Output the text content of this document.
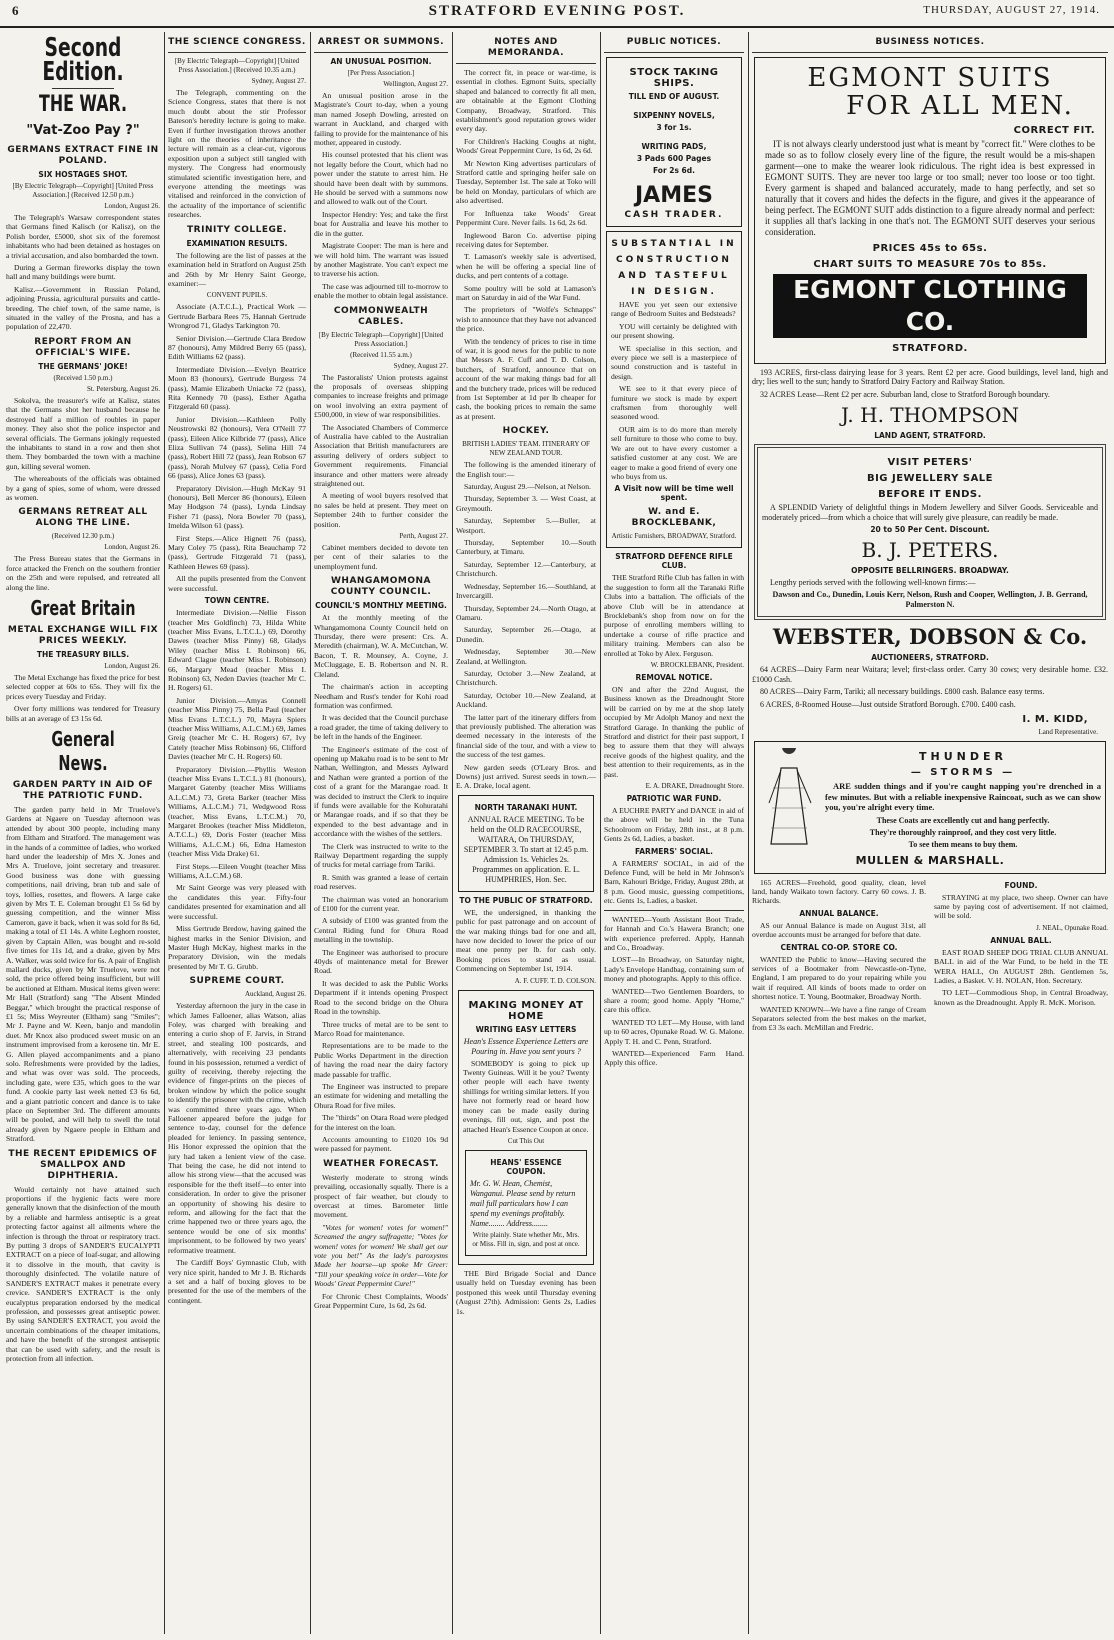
6	STRATFORD EVENING POST.	THURSDAY, AUGUST 27, 1914.
Second Edition.
THE WAR.
"Vat-Zoo Pay ?"
GERMANS EXTRACT FINE IN POLAND.
SIX HOSTAGES SHOT.
[By Electric Telegraph—Copyright] [United Press Association.] (Received 12.50 p.m.)
London, August 26.

The Telegraph's Warsaw correspondent states that Germans fined Kalisch (or Kalisz), on the Polish border, £5000, shot six of the foremost inhabitants who had been detained as hostages on a trivial accusation, and also bombarded the town.

During a German fireworks display the town hall and many buildings were burnt.

Kalisz.—Government in Russian Poland, adjoining Prussia, agricultural pursuits and cattle-breeding. The chief town, of the same name, is situated in the valley of the Prosna, and has a population of 22,470.

REPORT FROM AN OFFICIAL'S WIFE.
THE GERMANS' JOKE!
(Received 1.50 p.m.)
St. Petersburg, August 26.

Sokolva, the treasurer's wife at Kalisz, states that the Germans shot her husband because he destroyed half a million of roubles in paper money. They also shot the police inspector and several officials. The Germans jokingly requested the inhabitants to stand in a row and then shot them. They bombarded the town with a machine gun, killing several women.

The whereabouts of the officials was obtained by a gang of spies, some of whom, were dressed as women.

GERMANS RETREAT ALL ALONG THE LINE.
(Received 12.30 p.m.)
London, August 26.

The Press Bureau states that the Germans in force attacked the French on the southern frontier on the 25th and were repulsed, and retreated all along the line.

Great Britain
METAL EXCHANGE WILL FIX PRICES WEEKLY.
THE TREASURY BILLS.
London, August 26.

The Metal Exchange has fixed the price for best selected copper at 60s to 65s. They will fix the prices every Tuesday and Friday.

Over forty millions was tendered for Treasury bills at an average of £3 15s 6d.

General News.
GARDEN PARTY IN AID OF THE PATRIOTIC FUND.

The garden party held in Mr Truelove's Gardens at Ngaere on Tuesday afternoon was attended by about 300 people, including many from Eltham and Stratford. The management was in the hands of a committee of ladies, who worked hard under the leadership of Mrs X. Jones and Mrs A. Truelove, joint secretary and treasurer. Good business was done with guessing competitions, nail driving, bran tub and sale of toys, lollies, rosettes, and flowers. A large cake given by Mrs T. E. Coleman brought £1 5s 6d by guessing competition, and the winner Miss Cameron, gave it back, when it was sold for 8s 6d, making a total of £1 14s. A white Leghorn rooster, given by Captain Allen, was bought and re-sold five times for 11s 1d, and a drake, given by Mrs A. Walker, was sold twice for 6s. A pair of English mallard ducks, given by Mr Truelove, were not sold, the price offered being insufficient, but will be auctioned at Eltham. Musical items given were: Mr Hall (Stratford) sang "The Absent Minded Beggar," which brought the practical response of £1 5s; Miss Weyreuter (Eltham) sang "Smiles"; Mr J. Payne and W. Keen, banjo and mandolin duet. Mr Knox also produced sweet music on an instrument improvised from a kerosene tin. Mr E. G. Allen played accompaniments and a piano solo. Refreshments were provided by the ladies, and what was over was sold. The proceeds, including gate, were £35, which goes to the war fund. A cookie party last week netted £3 6s 6d, and a giant patriotic concert and dance is to take place on September 3rd. The different amounts will be pooled, and will help to swell the total already given by Ngaere people in Eltham and Stratford.

THE RECENT EPIDEMICS OF SMALLPOX AND DIPHTHERIA.

Would certainly not have attained such proportions if the hygienic facts were more generally known that the disinfection of the mouth by a reliable and harmless antiseptic is a great protecting factor against all ailments where the infection is through the throat or respiratory tract. By putting 3 drops of SANDER'S EUCALYPTI EXTRACT on a piece of loaf-sugar, and allowing it to dissolve in the mouth, that cavity is thoroughly disinfected. The volatile nature of SANDER'S EXTRACT makes it penetrate every crevice. SANDER'S EXTRACT is the only eucalyptus preparation endorsed by the medical profession, and possesses great antiseptic power. By using SANDER'S EXTRACT, you avoid the uncertain combinations of the cheaper imitations, and have the benefit of the strongest antiseptic that can be used with safety, and the result is protection from all infection.

THE SCIENCE CONGRESS.
[By Electric Telegraph—Copyright] [United Press Association.] (Received 10.35 a.m.)
Sydney, August 27.

The Telegraph, commenting on the Science Congress, states that there is not much doubt about the stir Professor Bateson's heredity lecture is going to make. Even if further investigation throws another light on the theories of inheritance the lecture will remain as a clear-cut, vigorous exposition upon a subject still tangled with mystery. The Congress had enormously stimulated scientific investigation here, and everyone attending the meetings was vitalised and reinforced in the conviction of the actuality of the importance of scientific researches.

TRINITY COLLEGE.
EXAMINATION RESULTS.

The following are the list of passes at the examination held in Stratford on August 25th and 26th by Mr Henry Saint George, examiner:—

CONVENT PUPILS.

Associate (A.T.C.L.), Practical Work —Gertrude Barbara Rees 75, Hannah Gertrude Wrongrod 71, Gladys Tarkington 70.

Senior Division.—Gertrude Clara Bredow 87 (honours), Amy Mildred Berry 65 (pass), Edith Williams 62 (pass).

Intermediate Division.—Evelyn Beatrice Moon 83 (honours), Gertrude Burgess 74 (pass), Mamie Elizabeth Uniacke 72 (pass), Rita Kennedy 70 (pass), Esther Agatha Fitzgerald 60 (pass).

Junior Division.—Kathleen Polly Neustrowski 82 (honours), Vera O'Neill 77 (pass), Eileen Alice Kilbride 77 (pass), Alice Eliza Sullivan 74 (pass), Selina Hill 74 (pass), Robert Hill 72 (pass), Jean Robson 67 (pass), Norah Mulvey 67 (pass), Celia Ford 66 (pass), Alice Jones 63 (pass).

Preparatory Division.—Hugh McKay 91 (honours), Bell Mercer 86 (honours), Eileen May Hodgson 74 (pass), Lynda Lindsay Fisher 71 (pass), Nora Bowler 70 (pass), Imelda Wilson 61 (pass).

First Steps.—Alice Hignett 76 (pass), Mary Coley 75 (pass), Rita Beauchamp 72 (pass), Gertrude Fitzgerald 71 (pass), Kathleen Hewes 69 (pass).

All the pupils presented from the Convent were successful.

TOWN CENTRE.

Intermediate Division.—Nellie Fisson (teacher Mrs Goldfinch) 73, Hilda White (teacher Miss Evans, L.T.C.L.) 69, Dorothy Dawes (teacher Miss Pinny) 68, Gladys Wiley (teacher Miss I. Robinson) 66, Edward Clague (teacher Miss I. Robinson) 66, Margary Mead (teacher Miss I. Robinson) 63, Neden Davies (teacher Mr C. H. Rogers) 61.

Junior Division.—Amyas Connell (teacher Miss Pinny) 75, Bella Paul (teacher Miss Evans L.T.C.L.) 70, Mayra Spiers (teacher Miss Williams, A.L.C.M.) 69, James Greig (teacher Mr C. H. Rogers) 67, Ivy Cately (teacher Miss Robinson) 66, Clifford Davies (teacher Mr C. H. Rogers) 60.

Preparatory Division.—Phyllis Weston (teacher Miss Evans L.T.C.L.) 81 (honours), Margaret Gatenby (teacher Miss Williams A.L.C.M.) 73, Greta Barker (teacher Miss Williams, A.L.C.M.) 71, Wedgwood Ross (teacher, Miss Evans, L.T.C.M.) 70, Margaret Brookes (teacher Miss Middleton, A.T.C.L.) 69, Doris Foster (teacher Miss Williams, A.L.C.M.) 66, Edna Hameston (teacher Miss Vida Drake) 61.

First Steps.—Eileen Vought (teacher Miss Williams, A.L.C.M.) 68.

Mr Saint George was very pleased with the candidates this year. Fifty-four candidates presented for examination and all were successful.

Miss Gertrude Bredow, having gained the highest marks in the Senior Division, and Master Hugh McKay, highest marks in the Preparatory Division, win the medals presented by Mr T. G. Grubb.

SUPREME COURT.
Auckland, August 26.

Yesterday afternoon the jury in the case in which James Falloener, alias Watson, alias Foley, was charged with breaking and entering a curio shop of F. Jarvis, in Strand street, and stealing 100 postcards, and alternatively, with receiving 23 pendants found in his possession, returned a verdict of guilty of receiving, thereby rejecting the evidence of finger-prints on the pieces of broken window by which the police sought to identify the prisoner with the crime, which was committed three years ago. When Falloener appeared before the judge for sentence to-day, counsel for the defence pleaded for leniency. In passing sentence, His Honor expressed the opinion that the jury had taken a lenient view of the case. That being the case, he did not intend to allow his strong view—that the accused was responsible for the theft itself—to enter into consideration. In order to give the prisoner an opportunity of showing his desire to reform, and allowing for the fact that the crime happened two or three years ago, the sentence would be one of six months' imprisonment, to be followed by two years' reformative treatment.

The Cardiff Boys' Gymnastic Club, with very nice spirit, handed to Mr J. B. Richards a set and a half of boxing gloves to be presented for the use of the members of the contingent.

ARREST OR SUMMONS.
AN UNUSUAL POSITION.
[Per Press Association.]
Wellington, August 27.

An unusual position arose in the Magistrate's Court to-day, when a young man named Joseph Dowling, arrested on warrant in Auckland, and charged with failing to provide for the maintenance of his mother, appeared in custody.

His counsel protested that his client was not legally before the Court, which had no power under the statute to arrest him. He should have been dealt with by summons. He should be served with a summons now and allowed to walk out of the Court.

Inspector Hendry: Yes; and take the first boat for Australia and leave his mother to die in the gutter.

Magistrate Cooper: The man is here and we will hold him. The warrant was issued by another Magistrate. You can't expect me to traverse his action.

The case was adjourned till to-morrow to enable the mother to obtain legal assistance.

COMMONWEALTH CABLES.
[By Electric Telegraph—Copyright] [United Press Association.]
(Received 11.55 a.m.)
Sydney, August 27.

The Pastoralists' Union protests against the proposals of overseas shipping companies to increase freights and primage on wool involving an extra payment of £500,000, in view of war responsibilities.

The Associated Chambers of Commerce of Australia have cabled to the Australian Association that British manufacturers are assuring delivery of orders subject to Government requirements. Financial insurance and other matters were already straightened out.

A meeting of wool buyers resolved that no sales be held at present. They meet on September 24th to further consider the position.

Perth, August 27.

Cabinet members decided to devote ten per cent of their salaries to the unemployment fund.

WHANGAMOMONA COUNTY COUNCIL.
COUNCIL'S MONTHLY MEETING.

At the monthly meeting of the Whangamomona County Council held on Thursday, there were present: Crs. A. Meredith (chairman), W. A. McCutchan, W. Bacon, T. R. Mounsey, A. Coyne, J. McCluggage, E. B. Robertson and N. R. Cleland.

The chairman's action in accepting Needham and Rust's tender for Kohi road formation was confirmed.

It was decided that the Council purchase a road grader, the time of taking delivery to be left in the hands of the Engineer.

The Engineer's estimate of the cost of opening up Makahu road is to be sent to Mr Nathan, Wellington, and Messrs Aylward and Nathan were granted a portion of the cost of a grant for the Marangae road. It was decided to instruct the Clerk to inquire if funds were available for the Kohuratahi or Marangae roads, and if so that they be expended to the best advantage and in accordance with the wishes of the settlers.

The Clerk was instructed to write to the Railway Department regarding the supply of trucks for metal carriage from Tariki.

R. Smith was granted a lease of certain road reserves.

The chairman was voted an honorarium of £100 for the current year.

A subsidy of £100 was granted from the Central Riding fund for Ohura Road metalling in the township.

The Engineer was authorised to procure 40yds of maintenance metal for Brewer Road.

It was decided to ask the Public Works Department if it intends opening Prospect Road to the second bridge on the Ohura Road in the township.

Three trucks of metal are to be sent to Marco Road for maintenance.

Representations are to be made to the Public Works Department in the direction of having the road near the dairy factory made passable for traffic.

The Engineer was instructed to prepare an estimate for widening and metalling the Ohura Road for five miles.

The "thirds" on Otara Road were pledged for the interest on the loan.

Accounts amounting to £1020 10s 9d were passed for payment.

WEATHER FORECAST.

Westerly moderate to strong winds prevailing, occasionally squally. There is a prospect of fair weather, but cloudy to overcast at times. Barometer little movement.

"Votes for women! votes for women!" Screamed the angry suffragette; "Votes for women! votes for women! We shall get our vote you bet!" As the lady's paroxysms Made her hoarse—up spoke Mr Greer: "Till your speaking voice in order—Vote for Woods' Great Peppermint Cure!"

For Chronic Chest Complaints, Woods' Great Peppermint Cure, 1s 6d, 2s 6d.

NOTES AND MEMORANDA.

The correct fit, in peace or war-time, is essential in clothes. Egmont Suits, specially shaped and balanced to correctly fit all men, are obtainable at the Egmont Clothing Company, Broadway, Stratford. This establishment's good reputation grows wider every day.

For Children's Hacking Coughs at night, Woods' Great Peppermint Cure, 1s 6d, 2s 6d.

Mr Newton King advertises particulars of Stratford cattle and springing heifer sale on Tuesday, September 1st. The sale at Toko will be held on Monday, particulars of which are also advertised.

For Influenza take Woods' Great Peppermint Cure. Never fails. 1s 6d, 2s 6d.

Inglewood Baron Co. advertise piping receiving dates for September.

T. Lamason's weekly sale is advertised, when he will be offering a special line of ducks, and pert contents of a cottage.

Some poultry will be sold at Lamason's mart on Saturday in aid of the War Fund.

The proprietors of "Wolfe's Schnapps" wish to announce that they have not advanced the price.

With the tendency of prices to rise in time of war, it is good news for the public to note that Messrs A. F. Cuff and T. D. Colson, butchers, of Stratford, announce that on account of the war making things bad for all and the butchery trade, prices will be reduced from 1st September at 1d per lb cheaper for cash, the booking prices to remain the same as at present.

HOCKEY.
BRITISH LADIES' TEAM. ITINERARY OF NEW ZEALAND TOUR.

The following is the amended itinerary of the English tour:—

Saturday, August 29.—Nelson, at Nelson.

Thursday, September 3. — West Coast, at Greymouth.

Saturday, September 5.—Buller, at Westport.

Thursday, September 10.—South Canterbury, at Timaru.

Saturday, September 12.—Canterbury, at Christchurch.

Wednesday, September 16.—Southland, at Invercargill.

Thursday, September 24.—North Otago, at Oamaru.

Saturday, September 26.—Otago, at Dunedin.

Wednesday, September 30.—New Zealand, at Wellington.

Saturday, October 3.—New Zealand, at Christchurch.

Saturday, October 10.—New Zealand, at Auckland.

The latter part of the itinerary differs from that previously published. The alteration was deemed necessary in the interests of the financial side of the tour, and with a view to the success of the test games.

New garden seeds (O'Leary Bros. and Downs) just arrived. Surest seeds in town.—E. A. Drake, local agent.

NORTH TARANAKI HUNT.
ANNUAL RACE MEETING. To be held on the OLD RACECOURSE, WAITARA, On THURSDAY, SEPTEMBER 3. To start at 12.45 p.m. Admission 1s. Vehicles 2s. Programmes on application. E. L. HUMPHRIES, Hon. Sec.
TO THE PUBLIC OF STRATFORD.

WE, the undersigned, in thanking the public for past patronage and on account of the war making things bad for one and all, have now decided to lower the price of our meat one penny per lb. for cash only. Booking prices to stand as usual. Commencing on September 1st, 1914.

A. F. CUFF. T. D. COLSON.
MAKING MONEY AT HOME
WRITING EASY LETTERS
Hean's Essence Experience Letters are Pouring in. Have you sent yours ?

SOMEBODY is going to pick up Twenty Guineas. Will it be you? Twenty other people will each have twenty shillings for writing similar letters. If you have not formerly read or heard how money can be made easily during evenings, fill out, sign, and post the attached Hean's Essence Coupon at once.

Cut This Out
HEANS' ESSENCE COUPON.
Mr. G. W. Hean, Chemist, Wanganui. Please send by return mail full particulars how I can spend my evenings profitably. Name........ Address........
Write plainly. State whether Mr., Mrs. or Miss. Fill in, sign, and post at once.

THE Bird Brigade Social and Dance usually held on Tuesday evening has been postponed this week until Thursday evening (August 27th). Admission: Gents 2s, Ladies 1s.

PUBLIC NOTICES.
STOCK TAKING SHIPS.
TILL END OF AUGUST.
SIXPENNY NOVELS,
3 for 1s.
WRITING PADS,
3 Pads 600 Pages
For 2s 6d.
JAMES
CASH TRADER.
SUBSTANTIAL IN CONSTRUCTION AND TASTEFUL IN DESIGN.

HAVE you yet seen our extensive range of Bedroom Suites and Bedsteads?

YOU will certainly be delighted with our present showing.

WE specialise in this section, and every piece we sell is a masterpiece of sound construction and is tasteful in design.

WE see to it that every piece of furniture we stock is made by expert craftsmen from thoroughly well seasoned wood.

OUR aim is to do more than merely sell furniture to those who come to buy. We are out to have every customer a satisfied customer at any cost. We are eager to make a good friend of every one who buys from us.

A Visit now will be time well spent.
W. and E. BROCKLEBANK,
Artistic Furnishers, BROADWAY, Stratford.
STRATFORD DEFENCE RIFLE CLUB.

THE Stratford Rifle Club has fallen in with the suggestion to form all the Taranaki Rifle Clubs into a battalion. The officials of the above Club will be in attendance at Brocklebank's shop from now on for the purpose of enrolling members willing to undertake a course of rifle practice and military training. Members can also be enrolled at Toko by Alex. Ferguson.

W. BROCKLEBANK, President.
REMOVAL NOTICE.

ON and after the 22nd August, the Business known as the Dreadnought Store will be carried on by me at the shop lately occupied by Mr Adolph Manoy and next the Stratford Garage. In thanking the public of Stratford and district for their past support, I beg to assure them that they will always receive goods of the highest quality, and the best attention to their requirements, as in the past.

E. A. DRAKE, Dreadnought Store.
PATRIOTIC WAR FUND.

A EUCHRE PARTY and DANCE in aid of the above will be held in the Tuna Schoolroom on Friday, 28th inst., at 8 p.m. Gents 2s 6d, Ladies, a basket.

FARMERS' SOCIAL.

A FARMERS' SOCIAL, in aid of the Defence Fund, will be held in Mr Johnson's Barn, Kahouri Bridge, Friday, August 28th, at 8 p.m. Good music, guessing competitions, etc. Gents 1s, Ladies, a basket.

WANTED—Youth Assistant Boot Trade, for Hannah and Co.'s Hawera Branch; one with experience preferred. Apply, Hannah and Co., Broadway.

LOST—In Broadway, on Saturday night, Lady's Envelope Handbag, containing sum of money and photographs. Apply to this office.

WANTED—Two Gentlemen Boarders, to share a room; good home. Apply "Home," care this office.

WANTED TO LET—My House, with land up to 60 acres, Opunake Road. W. G. Malone. Apply T. H. and C. Penn, Stratford.

WANTED—Experienced Farm Hand. Apply this office.

BUSINESS NOTICES.
EGMONT SUITS
FOR ALL MEN.
CORRECT FIT.

IT is not always clearly understood just what is meant by "correct fit." Were clothes to be made so as to follow closely every line of the figure, the result would be a mis-shapen garment—one to make the wearer look ridiculous. The right idea is best expressed in EGMONT SUITS. They are never too large or too small; never too loose or too tight. Every garment is shaped and balanced accurately, made to hang perfectly, and set so naturally that it covers and hides the defects in the figure, and gives it the appearance of being perfect. The EGMONT SUIT adds distinction to a figure already normal and perfect: it supplies all that's lacking in one that's not. The EGMONT SUIT deserves your serious consideration.

PRICES 45s to 65s.
CHART SUITS TO MEASURE 70s to 85s.
EGMONT CLOTHING CO.
STRATFORD.

193 ACRES, first-class dairying lease for 3 years. Rent £2 per acre. Good buildings, level land, high and dry; lies well to the sun; handy to Stratford Dairy Factory and Railway Station.

32 ACRES Lease—Rent £2 per acre. Suburban land, close to Stratford Borough boundary.

J. H. THOMPSON
LAND AGENT, STRATFORD.
VISIT PETERS'
BIG JEWELLERY SALE
BEFORE IT ENDS.

A SPLENDID Variety of delightful things in Modern Jewellery and Silver Goods. Serviceable and moderately priced—from which a choice that will surely give pleasure, can readily be made.

20 to 50 Per Cent. Discount.
B. J. PETERS.
OPPOSITE BELLRINGERS. BROADWAY.

Lengthy periods served with the following well-known firms:—

Dawson and Co., Dunedin, Louis Kerr, Nelson, Rush and Cooper, Wellington, J. B. Gerrand, Palmerston N.
WEBSTER, DOBSON & Co.
AUCTIONEERS, STRATFORD.

64 ACRES—Dairy Farm near Waitara; level; first-class order. Carry 30 cows; very desirable home. £32. £1000 Cash.

80 ACRES—Dairy Farm, Tariki; all necessary buildings. £800 cash. Balance easy terms.

6 ACRES, 8-Roomed House—Just outside Stratford Borough. £700. £400 cash.

I. M. KIDD,
Land Representative.
THUNDER
— STORMS —

ARE sudden things and if you're caught napping you're drenched in a few minutes. But with a reliable inexpensive Raincoat, such as we can show you, you're alright every time.

These Coats are excellently cut and hang perfectly.
They're thoroughly rainproof, and they cost very little.
To see them means to buy them.
MULLEN & MARSHALL.

165 ACRES—Freehold, good quality, clean, level land, handy Waikato town factory. Carry 60 cows. J. B. Richards.

ANNUAL BALANCE.

AS our Annual Balance is made on August 31st, all overdue accounts must be arranged for before that date.

CENTRAL CO-OP. STORE CO.

WANTED the Public to know—Having secured the services of a Bootmaker from Newcastle-on-Tyne, England, I am prepared to do your repairing while you wait if required. All kinds of boots made to order on shortest notice. T. Young, Bootmaker, Broadway North.

WANTED KNOWN—We have a fine range of Cream Separators selected from the best makes on the market, from £3 3s each. McMillan and Fredric.

FOUND.

STRAYING at my place, two sheep. Owner can have same by paying cost of advertisement. If not claimed, will be sold.

J. NEAL, Opunake Road.
ANNUAL BALL.

EAST ROAD SHEEP DOG TRIAL CLUB ANNUAL BALL in aid of the War Fund, to be held in the TE WERA HALL, On AUGUST 28th. Gentlemen 5s, Ladies, a Basket. V. H. NOLAN, Hon. Secretary.

TO LET—Commodious Shop, in Central Broadway, known as the Dreadnought. Apply R. McK. Morison.
